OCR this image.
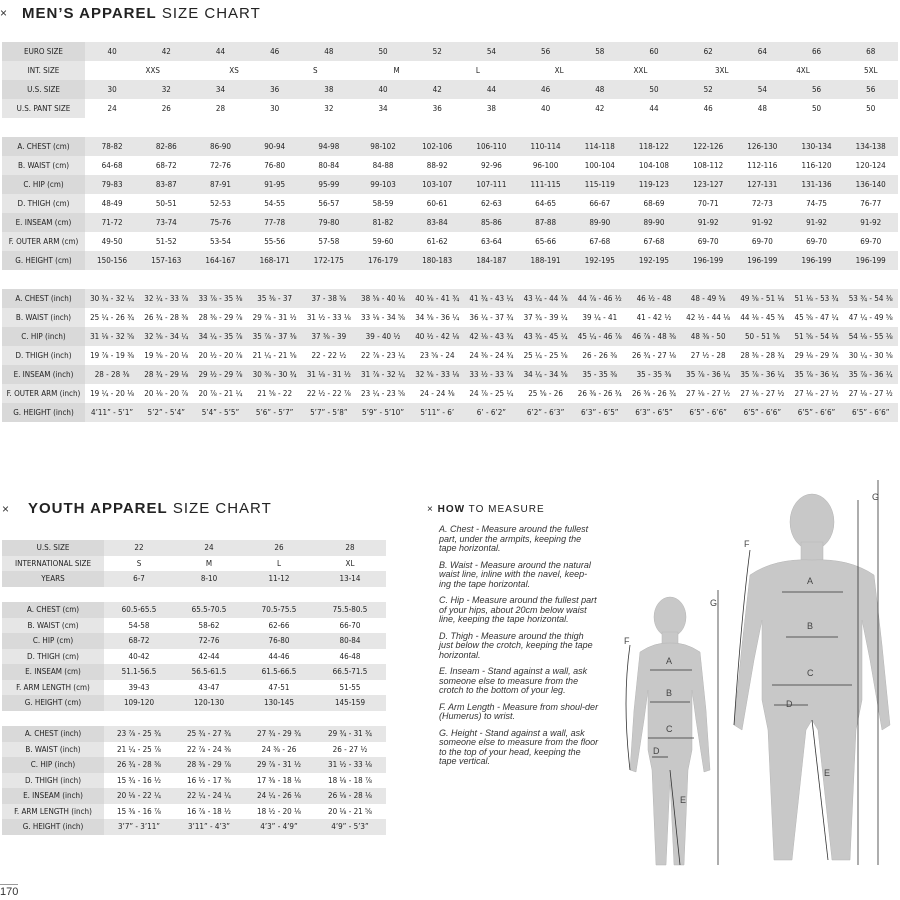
× MEN’S APPAREL SIZE CHART
EURO SIZE	40		42	44	46		48	50	52		54	56	58		60	62	64		66	68	
INT. SIZE		XXS		XS		S		M		L		XL		XXL		3XL		4XL		5XL	
U.S. SIZE	30		32	34	36		38	40	42		44	46	48		50	52	54		56	56	
U.S. PANT SIZE	24		26	28	30		32	34	36		38	40	42		44	46	48		50	50	

A. CHEST (cm)	78-82		82-86	86-90	90-94		94-98	98-102	102-106		106-110	110-114	114-118		118-122	122-126	126-130		130-134	134-138	
B. WAIST (cm)	64-68		68-72	72-76	76-80		80-84	84-88	88-92		92-96	96-100	100-104		104-108	108-112	112-116		116-120	120-124	
C. HIP (cm)	79-83		83-87	87-91	91-95		95-99	99-103	103-107		107-111	111-115	115-119		119-123	123-127	127-131		131-136	136-140	
D. THIGH (cm)	48-49		50-51	52-53	54-55		56-57	58-59	60-61		62-63	64-65	66-67		68-69	70-71	72-73		74-75	76-77	
E. INSEAM (cm)	71-72		73-74	75-76	77-78		79-80	81-82	83-84		85-86	87-88	89-90		89-90	91-92	91-92		91-92	91-92	
F. OUTER ARM (cm)	49-50		51-52	53-54	55-56		57-58	59-60	61-62		63-64	65-66	67-68		67-68	69-70	69-70		69-70	69-70	
G. HEIGHT (cm)	150-156		157-163	164-167	168-171		172-175	176-179	180-183		184-187	188-191	192-195		192-195	196-199	196-199		196-199	196-199	

A. CHEST (inch)	30 ¾ - 32 ¼		32 ¼ - 33 ⅞	33 ⅞ - 35 ⅜	35 ⅜ - 37		37 - 38 ⅝	38 ⅝ - 40 ⅛	40 ⅛ - 41 ¾		41 ¾ - 43 ¼	43 ¼ - 44 ⅞	44 ⅞ - 46 ½		46 ½ - 48	48 - 49 ⅝	49 ⅝ - 51 ⅛		51 ⅛ - 53 ¾	53 ¾ - 54 ⅜	
B. WAIST (inch)	25 ¼ - 26 ¾		26 ¾ - 28 ⅜	28 ⅜ - 29 ⅞	29 ⅞ - 31 ½		31 ½ - 33 ⅛	33 ⅛ - 34 ⅝	34 ⅝ - 36 ¼		36 ¼ - 37 ¾	37 ¾ - 39 ¼	39 ¼ - 41		41 - 42 ½	42 ½ - 44 ⅛	44 ⅛ - 45 ⅝		45 ⅝ - 47 ¼	47 ¼ - 49 ⅝	
C. HIP (inch)	31 ⅛ - 32 ⅝		32 ⅝ - 34 ¼	34 ¼ - 35 ⅞	35 ⅞ - 37 ⅜		37 ⅜ - 39	39 - 40 ½	40 ½ - 42 ⅛		42 ⅛ - 43 ¾	43 ¾ - 45 ¼	45 ¼ - 46 ⅞		46 ⅞ - 48 ⅜	48 ⅜ - 50	50 - 51 ⅝		51 ⅝ - 54 ⅛	54 ⅛ - 55 ⅛	
D. THIGH (inch)	19 ⅞ - 19 ⅜		19 ⅝ - 20 ⅛	20 ½ - 20 ⅞	21 ¼ - 21 ⅝		22 - 22 ½	22 ⅞ - 23 ¼	23 ⅝ - 24		24 ⅜ - 24 ¾	25 ¼ - 25 ⅝	26 - 26 ⅜		26 ¾ - 27 ⅛	27 ½ - 28	28 ⅜ - 28 ¾		29 ⅛ - 29 ⅞	30 ¼ - 30 ⅝	
E. INSEAM (inch)	28 - 28 ⅜		28 ¾ - 29 ⅛	29 ½ - 29 ⅞	30 ⅜ - 30 ¾		31 ⅛ - 31 ½	31 ⅞ - 32 ¼	32 ⅝ - 33 ⅛		33 ½ - 33 ⅞	34 ¼ - 34 ⅝	35 - 35 ⅜		35 - 35 ⅜	35 ⅞ - 36 ¼	35 ⅞ - 36 ¼		35 ⅞ - 36 ¼	35 ⅞ - 36 ¼	
F. OUTER ARM (inch)	19 ¼ - 20 ⅛		20 ⅛ - 20 ⅞	20 ⅞ - 21 ¼	21 ⅝ - 22		22 ½ - 22 ⅞	23 ¼ - 23 ⅝	24 - 24 ⅜		24 ⅞ - 25 ¼	25 ⅝ - 26	26 ⅜ - 26 ¾		26 ⅜ - 26 ¾	27 ⅛ - 27 ½	27 ⅛ - 27 ½		27 ⅛ - 27 ½	27 ⅛ - 27 ½	
G. HEIGHT (inch)	4’11” - 5’1”		5’2” - 5’4”	5’4” - 5’5”	5’6” - 5’7”		5’7” - 5’8”	5’9” - 5’10”	5’11” - 6’		6’ - 6’2”	6’2” - 6’3”	6’3” - 6’5”		6’3” - 6’5”	6’5” - 6’6”	6’5” - 6’6”		6’5” - 6’6”	6’5” - 6’6”	
× YOUTH APPAREL SIZE CHART
U.S. SIZE	22	24	26	28
INTERNATIONAL SIZE	S	M	L	XL
YEARS	6-7	8-10	11-12	13-14

A. CHEST (cm)	60.5-65.5	65.5-70.5	70.5-75.5	75.5-80.5
B. WAIST (cm)	54-58	58-62	62-66	66-70
C. HIP (cm)	68-72	72-76	76-80	80-84
D. THIGH (cm)	40-42	42-44	44-46	46-48
E. INSEAM (cm)	51.1-56.5	56.5-61.5	61.5-66.5	66.5-71.5
F. ARM LENGTH (cm)	39-43	43-47	47-51	51-55
G. HEIGHT (cm)	109-120	120-130	130-145	145-159

A. CHEST (inch)	23 ⅞ - 25 ¾	25 ¾ - 27 ¾	27 ¾ - 29 ¾	29 ¾ - 31 ¾
B. WAIST (inch)	21 ¼ - 25 ⅞	22 ⅞ - 24 ⅜	24 ⅜ - 26	26 - 27 ½
C. HIP (inch)	26 ¾ - 28 ⅜	28 ⅜ - 29 ⅞	29 ⅞ - 31 ½	31 ½ - 33 ⅛
D. THIGH (inch)	15 ¾ - 16 ½	16 ½ - 17 ⅜	17 ⅜ - 18 ⅛	18 ⅛ - 18 ⅞
E. INSEAM (inch)	20 ⅛ - 22 ¼	22 ¼ - 24 ¼	24 ¼ - 26 ⅛	26 ⅛ - 28 ⅛
F. ARM LENGTH (inch)	15 ⅜ - 16 ⅞	16 ⅞ - 18 ½	18 ½ - 20 ⅛	20 ⅛ - 21 ⅝
G. HEIGHT (inch)	3’7” - 3’11”	3’11” - 4’3”	4’3” - 4’9”	4’9” - 5’3”
× HOW TO MEASURE
A. Chest - Measure around the fullest part, under the armpits, keeping the tape horizontal.
B. Waist - Measure around the natural waist line, inline with the navel, keep-ing the tape horizontal.
C. Hip - Measure around the fullest part of your hips, about 20cm below waist line, keeping the tape horizontal.
D. Thigh - Measure around the thigh just below the crotch, keeping the tape horizontal.
E. Inseam - Stand against a wall, ask someone else to measure from the crotch to the bottom of your leg.
F. Arm Length - Measure from shoul-der (Humerus) to wrist.
G. Height - Stand against a wall, ask someone else to measure from the floor to the top of your head, keeping the tape vertical.
A
B
C
D
E
F
G
A
B
C
D
E
F
G
170
